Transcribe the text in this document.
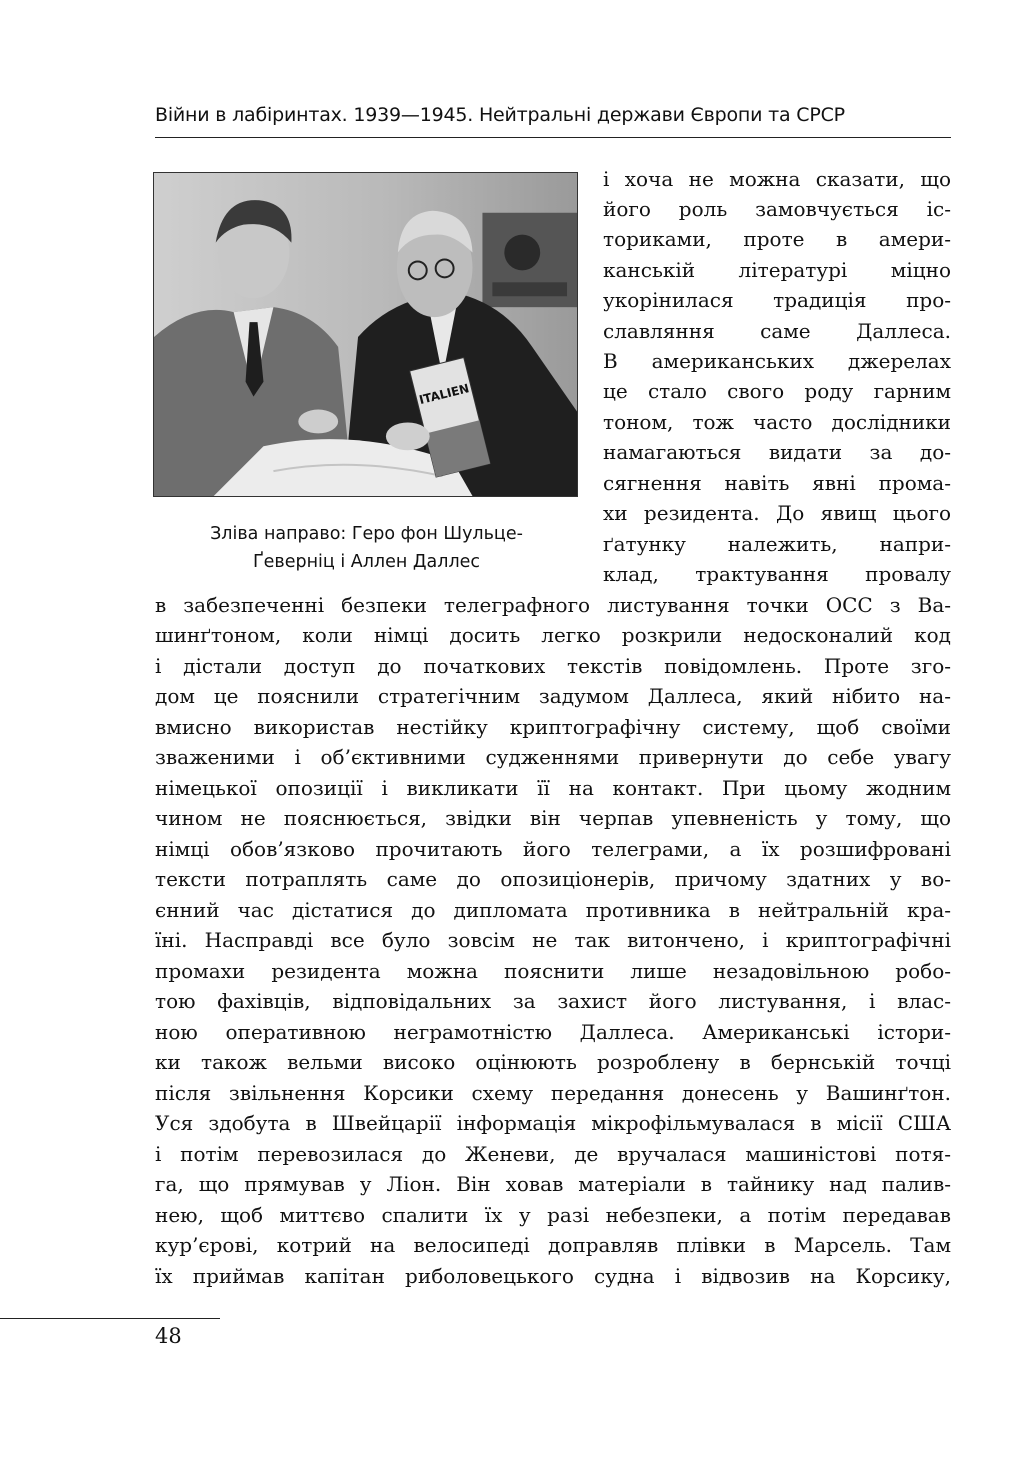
Війни в лабіринтах. 1939—1945. Нейтральні держави Європи та СРСР
ITALIEN
Зліва направо: Геро фон Шульце-
Ґеверніц і Аллен Даллес
і хоча не можна сказати, що
його роль замовчується іс-
ториками, проте в амери-
канській літературі міцно
укорінилася традиція про-
славляння саме Даллеса.
В американських джерелах
це стало свого роду гарним
тоном, тож часто дослідники
намагаються видати за до-
сягнення навіть явні прома-
хи резидента. До явищ цього
ґатунку належить, напри-
клад, трактування провалу
в забезпеченні безпеки телеграфного листування точки ОСС з Ва-
шинґтоном, коли німці досить легко розкрили недосконалий код
і дістали доступ до початкових текстів повідомлень. Проте зго-
дом це пояснили стратегічним задумом Даллеса, який нібито на-
вмисно використав нестійку криптографічну систему, щоб своїми
зваженими і об’єктивними судженнями привернути до себе увагу
німецької опозиції і викликати її на контакт. При цьому жодним
чином не пояснюється, звідки він черпав упевненість у тому, що
німці обов’язково прочитають його телеграми, а їх розшифровані
тексти потраплять саме до опозиціонерів, причому здатних у во-
єнний час дістатися до дипломата противника в нейтральній кра-
їні. Насправді все було зовсім не так витончено, і криптографічні
промахи резидента можна пояснити лише незадовільною робо-
тою фахівців, відповідальних за захист його листування, і влас-
ною оперативною неграмотністю Даллеса. Американські істори-
ки також вельми високо оцінюють розроблену в бернській точці
після звільнення Корсики схему передання донесень у Вашинґтон.
Уся здобута в Швейцарії інформація мікрофільмувалася в місії США
і потім перевозилася до Женеви, де вручалася машиністові потя-
га, що прямував у Ліон. Він ховав матеріали в тайнику над палив-
нею, щоб миттєво спалити їх у разі небезпеки, а потім передавав
кур’єрові, котрий на велосипеді доправляв плівки в Марсель. Там
їх приймав капітан риболовецького судна і відвозив на Корсику,
48
